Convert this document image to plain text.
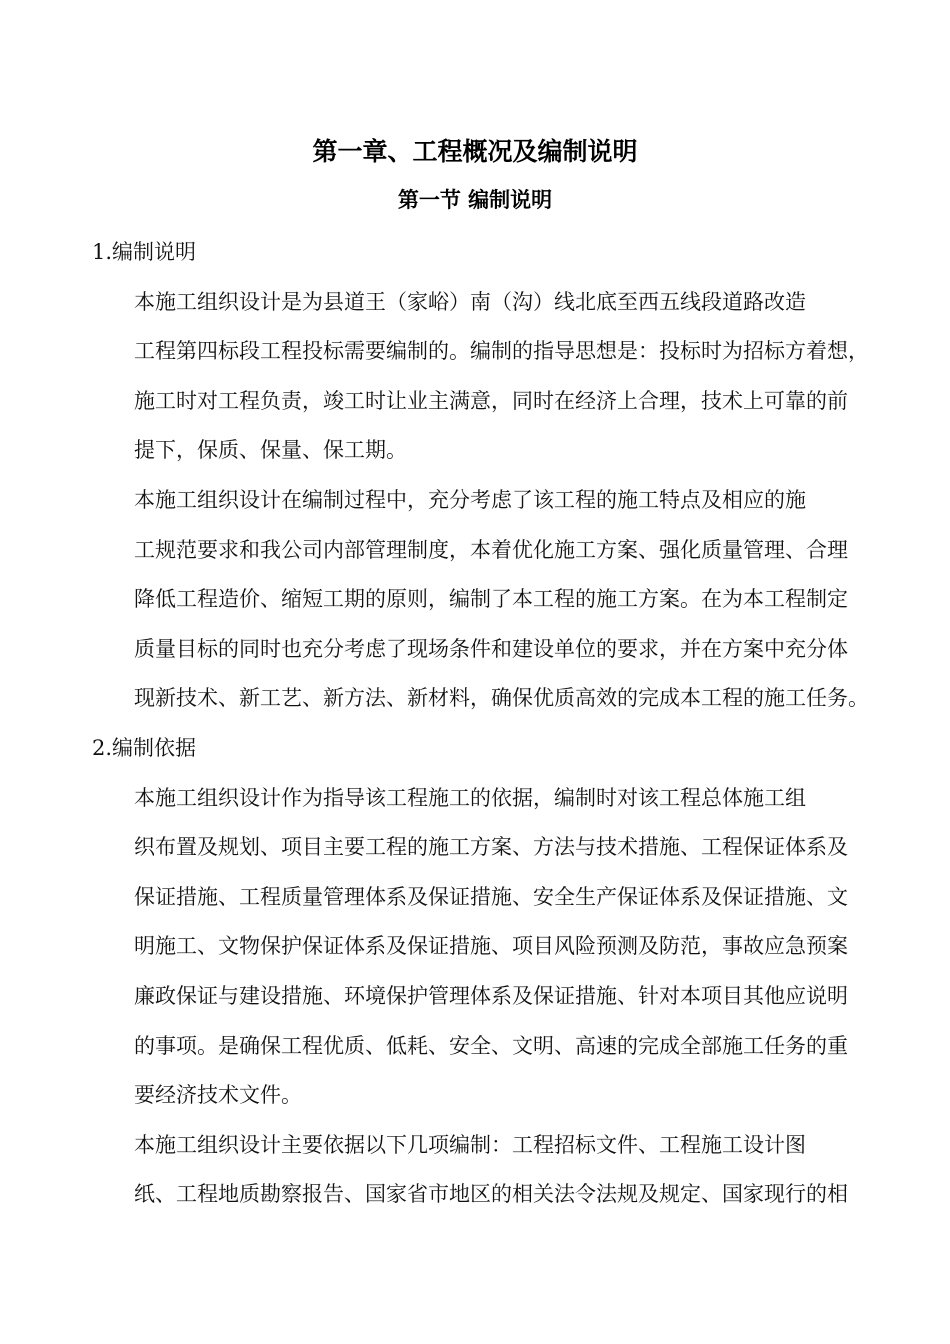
第一章、工程概况及编制说明
第一节 编制说明

1.编制说明

本施工组织设计是为县道王（家峪）南（沟）线北底至西五线段道路改造
工程第四标段工程投标需要编制的。编制的指导思想是：投标时为招标方着想，
施工时对工程负责，竣工时让业主满意，同时在经济上合理，技术上可靠的前
提下，保质、保量、保工期。

本施工组织设计在编制过程中，充分考虑了该工程的施工特点及相应的施
工规范要求和我公司内部管理制度，本着优化施工方案、强化质量管理、合理
降低工程造价、缩短工期的原则，编制了本工程的施工方案。在为本工程制定
质量目标的同时也充分考虑了现场条件和建设单位的要求，并在方案中充分体
现新技术、新工艺、新方法、新材料，确保优质高效的完成本工程的施工任务。

2.编制依据

本施工组织设计作为指导该工程施工的依据，编制时对该工程总体施工组
织布置及规划、项目主要工程的施工方案、方法与技术措施、工程保证体系及
保证措施、工程质量管理体系及保证措施、安全生产保证体系及保证措施、文
明施工、文物保护保证体系及保证措施、项目风险预测及防范，事故应急预案
廉政保证与建设措施、环境保护管理体系及保证措施、针对本项目其他应说明
的事项。是确保工程优质、低耗、安全、文明、高速的完成全部施工任务的重
要经济技术文件。

本施工组织设计主要依据以下几项编制：工程招标文件、工程施工设计图
纸、工程地质勘察报告、国家省市地区的相关法令法规及规定、国家现行的相
